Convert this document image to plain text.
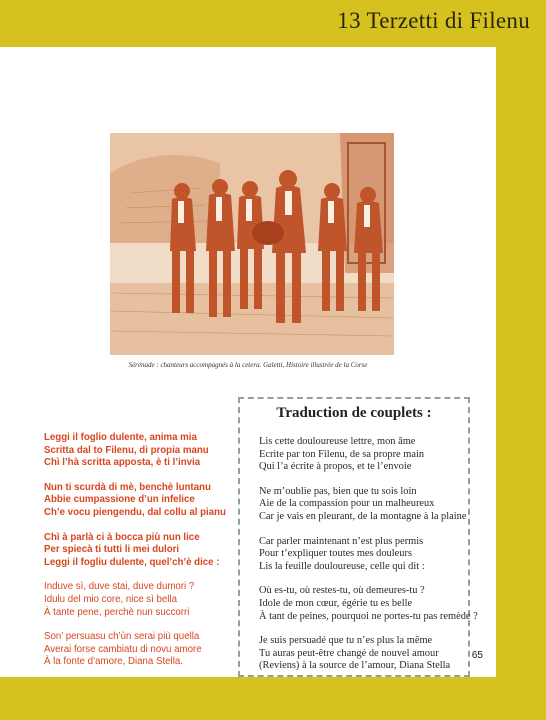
13 Terzetti di Filenu
Sérénade : chanteurs accompagnés à la cetera. Galetti, Histoire illustrée de la Corse
Leggi il foglio dulente, anima mia
Scritta dal to Filenu, di propia manu
Chì l’hà scritta apposta, è ti l’invia
Nun ti scurdà di mè, benchè luntanu
Abbie cumpassione d’un infelice
Ch’e vocu piengendu, dal collu al pianu
Chì à parlà ci à bocca più nun lice
Per spiecà ti tutti li mei dulori
Leggi il fogliu dulente, quel’ch’è dice :
Induve sì, duve stai, duve dumori ?
Idulu del mio core, nice sì bella
À tante pene, perchè nun succorri
Son’ persuasu ch’ùn serai più quella
Averai forse cambiatu di novu amore
À la fonte d’amore, Diana Stella.
Traduction de couplets :
Lis cette douloureuse lettre, mon âme
Ecrite par ton Filenu, de sa propre main
Qui l’a écrite à propos, et te l’envoie
Ne m’oublie pas, bien que tu sois loin
Aie de la compassion pour un malheureux
Car je vais en pleurant, de la montagne à la plaine
Car parler maintenant n’est plus permis
Pour t’expliquer toutes mes douleurs
Lis la feuille douloureuse, celle qui dit :
Où es-tu, où restes-tu, où demeures-tu ?
Idole de mon cœur, égérie tu es belle
À tant de peines, pourquoi ne portes-tu pas remède ?
Je suis persuadé que tu n’es plus la même
Tu auras peut-être changé de nouvel amour
(Reviens) à la source de l’amour, Diana Stella
65
